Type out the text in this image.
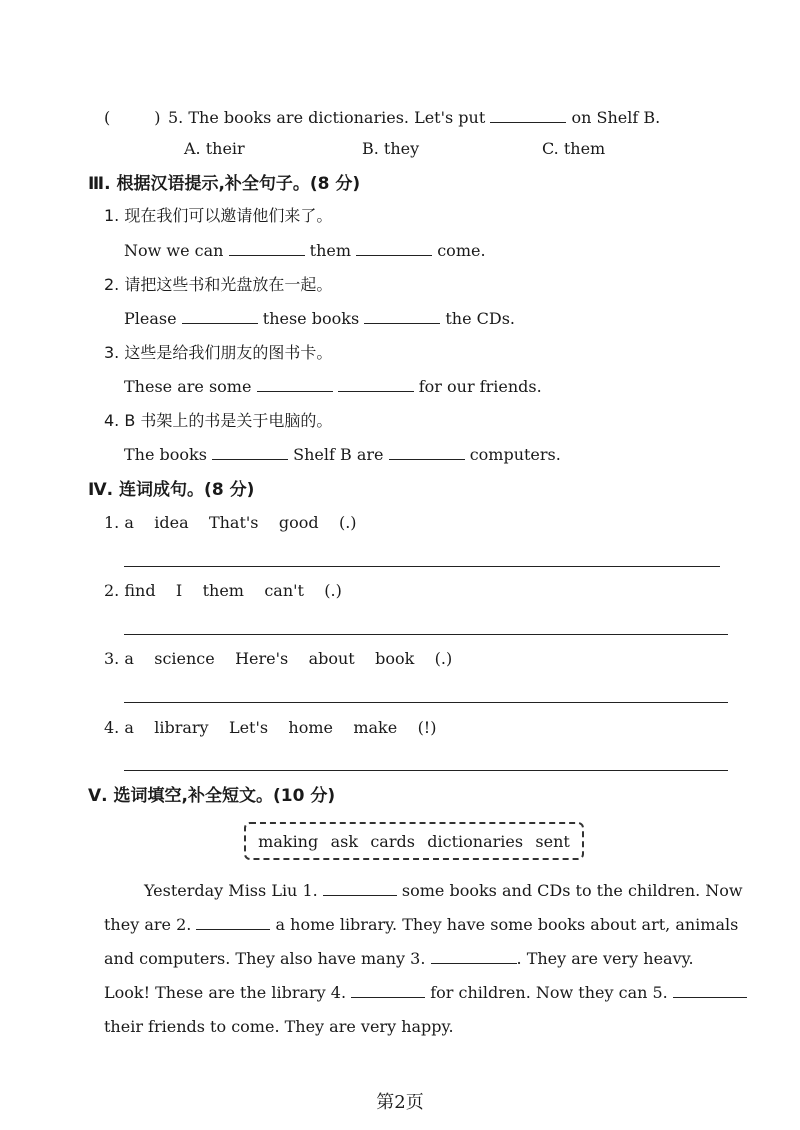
(	) 5. The books are dictionaries. Let's put	on Shelf B.
A. their	B. they	C. them
Ⅲ. 根据汉语提示,补全句子。(8 分)
1. 现在我们可以邀请他们来了。
Now we can	them	come.
2. 请把这些书和光盘放在一起。
Please	these books	the CDs.
3. 这些是给我们朋友的图书卡。
These are some	for our friends.
4. B 书架上的书是关于电脑的。
The books	Shelf B are	computers.
Ⅳ. 连词成句。(8 分)
1. a idea That's good (.)
2. find I them can't (.)
3. a science Here's about book (.)
4. a library Let's home make (!)
Ⅴ. 选词填空,补全短文。(10 分)
making ask cards dictionaries sent
Yesterday Miss Liu 1.	some books and CDs to the children. Now
they are 2.	a home library. They have some books about art, animals
and computers. They also have many 3.	. They are very heavy.
Look! These are the library 4.	for children. Now they can 5.
their friends to come. They are very happy.
第2页
